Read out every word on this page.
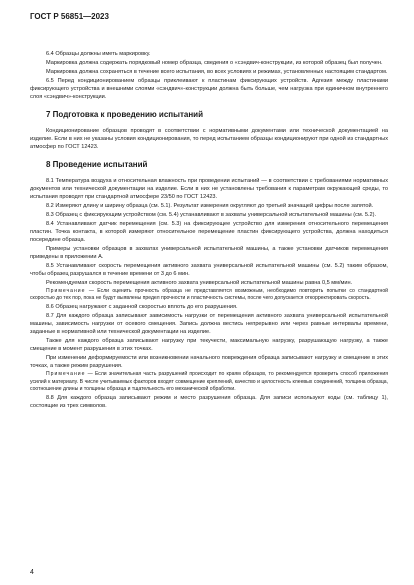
ГОСТ Р 56851—2023

6.4 Образцы должны иметь маркировку.

Маркировка должна содержать порядковый номер образца, сведения о «сэндвич-конструкции, из которой образец был получен.

Маркировка должна сохраняться в течение всего испытания, во всех условиях и режимах, установленных настоящим стандартом.

6.5 Перед кондиционированием образцы приклеивают к пластинам фиксирующих устройств. Адгезия между пластинами фиксирующего устройства и внешними слоями «сэндвич»-конструкции должна быть больше, чем нагрузка при единичном внутреннего слоя «сэндвич»-конструкции.

7 Подготовка к проведению испытаний

Кондиционирование образцов проводят в соответствии с нормативными документами или технической документацией на изделие. Если в них не указаны условия кондиционирования, то перед испытанием образцы кондиционируют при одной из стандартных атмосфер по ГОСТ 12423.

8 Проведение испытаний

8.1 Температура воздуха и относительная влажность при проведении испытаний — в соответствии с требованиями нормативных документов или технической документации на изделие. Если в них не установлены требования к параметрам окружающей среды, то испытания проводят при стандартной атмосфере 23/50 по ГОСТ 12423.

8.2 Измеряют длину и ширину образца (см. 5.1). Результат измерения округляют до третьей значащей цифры после запятой.

8.3 Образец с фиксирующим устройством (см. 5.4) устанавливают в захваты универсальной испытательной машины (см. 5.2).

8.4 Устанавливают датчик перемещения (см. 5.3) на фиксирующее устройство для измерения относительного перемещения пластин. Точка контакта, в которой измеряют относительное перемещение пластин фиксирующего устройства, должна находиться посередине образца.

Примеры установки образцов в захватах универсальной испытательной машины, а также установки датчиков перемещения приведены в приложении А.

8.5 Устанавливают скорость перемещения активного захвата универсальной испытательной машины (см. 5.2) таким образом, чтобы образец разрушался в течение времени от 3 до 6 мин.

Рекомендуемая скорость перемещения активного захвата универсальной испытательной машины равна 0,5 мм/мин.

Примечание — Если оценить прочность образца не представляется возможным, необходимо повторить попытки со стандартной скоростью до тех пор, пока не будут выявлены предел прочности и пластичность системы, после чего допускается откорректировать скорость.

8.6 Образец нагружают с заданной скоростью вплоть до его разрушения.

8.7 Для каждого образца записывают зависимость нагрузки от перемещения активного захвата универсальной испытательной машины, зависимость нагрузки от осевого смещения. Запись должна вестись непрерывно или через равные интервалы времени, заданные в нормативной или технической документации на изделие.

Также для каждого образца записывают нагрузку при текучести, максимальную нагрузку, разрушающую нагрузку, а также смещение в момент разрушения в этих точках.

При изменении деформируемости или возникновении начального повреждения образца записывают нагрузку и смещение в этих точках, а также режим разрушения.

Примечание — Если значительная часть разрушений происходит по краям образцов, то рекомендуется проверить способ приложения усилий к материалу. В числе учитываемых факторов входят совмещение креплений, качество и целостность клеевых соединений, толщина образца, соотношение длины и толщины образца и тщательность его механической обработки.

8.8 Для каждого образца записывают режим и место разрушения образца. Для записи используют коды (см. таблицу 1), состоящие из трех символов.

4
